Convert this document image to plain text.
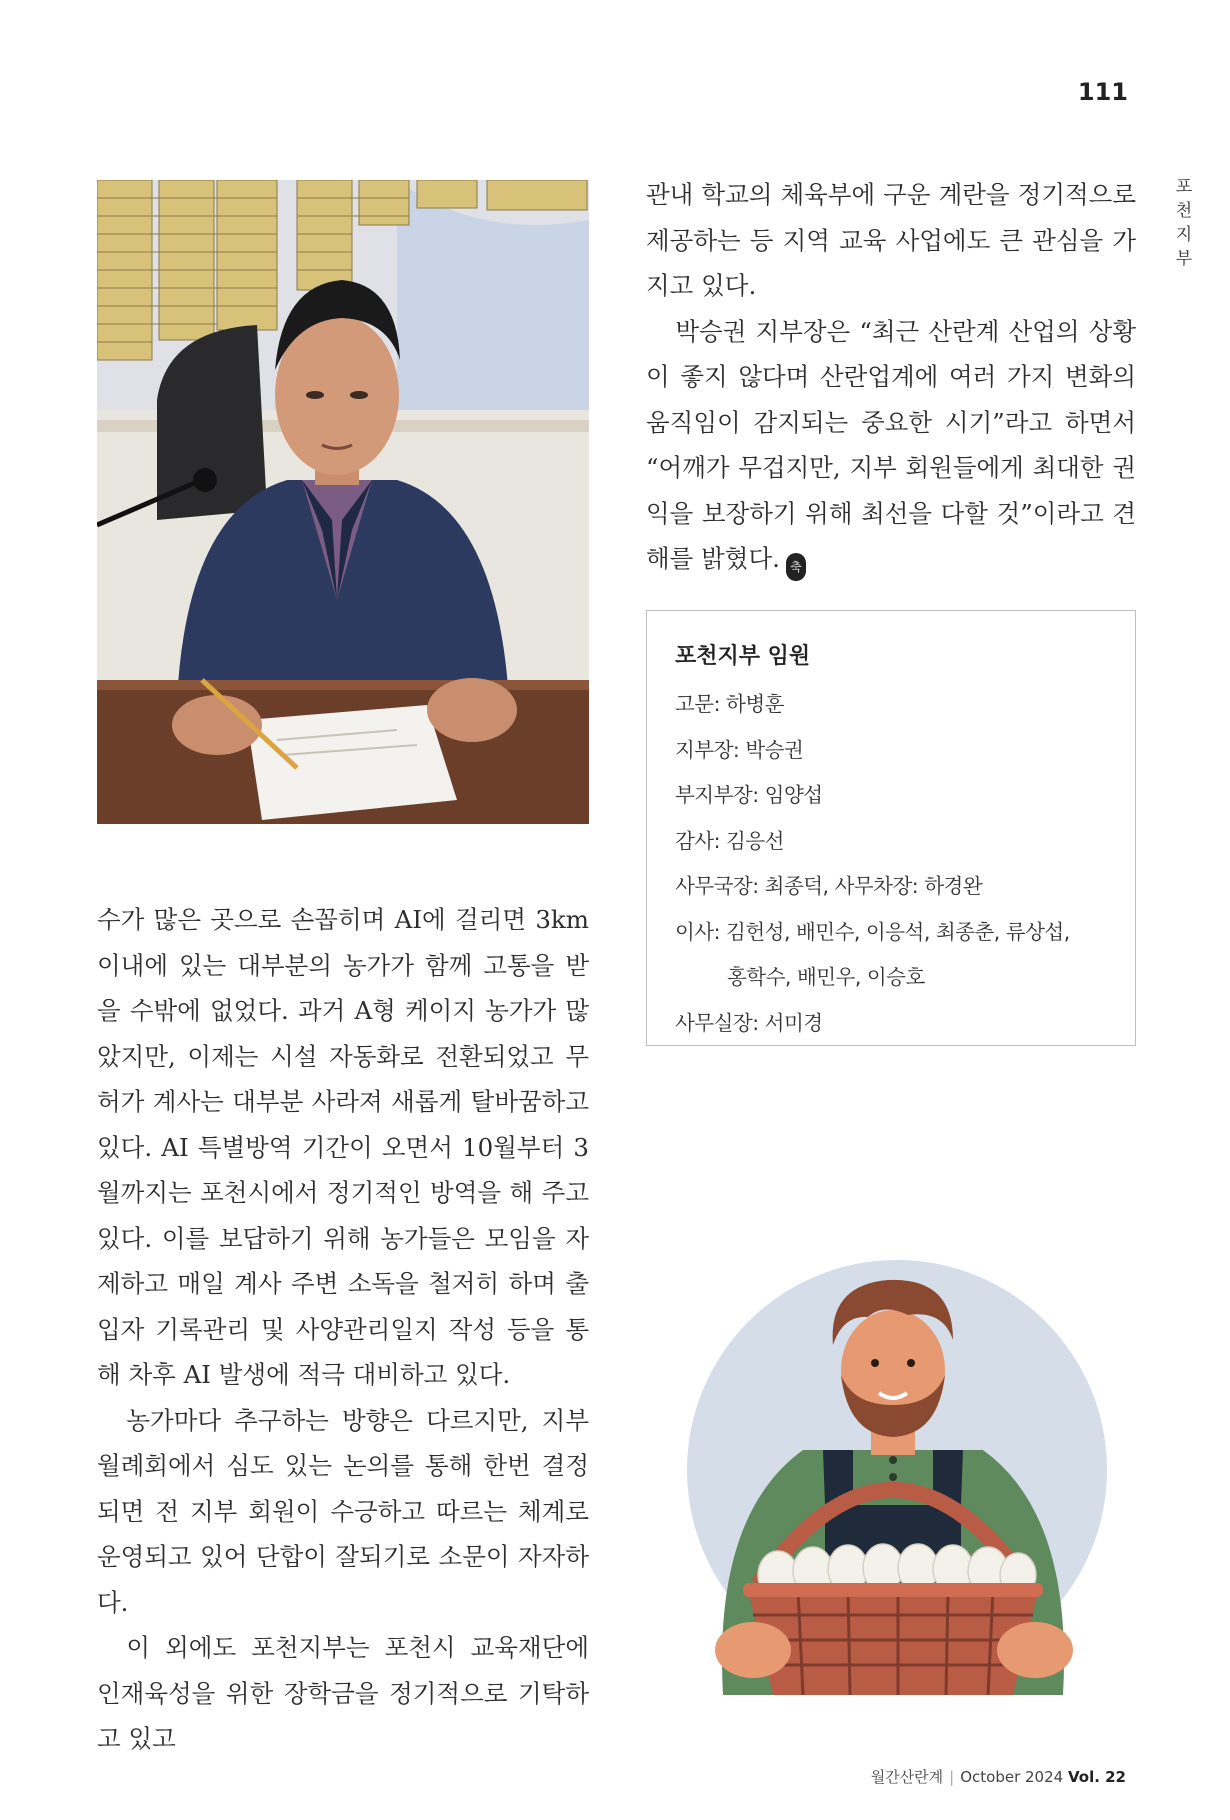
111
포천지부

관내 학교의 체육부에 구운 계란을 정기적으로 제공하는 등 지역 교육 사업에도 큰 관심을 가지고 있다.

박승권 지부장은 “최근 산란계 산업의 상황이 좋지 않다며 산란업계에 여러 가지 변화의 움직임이 감지되는 중요한 시기”라고 하면서 “어깨가 무겁지만, 지부 회원들에게 최대한 권익을 보장하기 위해 최선을 다할 것”이라고 견해를 밝혔다. 축

포천지부 임원
고문: 하병훈
지부장: 박승권
부지부장: 임양섭
감사: 김응선
사무국장: 최종덕, 사무차장: 하경완
이사: 김헌성, 배민수, 이응석, 최종춘, 류상섭,
홍학수, 배민우, 이승호
사무실장: 서미경

수가 많은 곳으로 손꼽히며 AI에 걸리면 3km 이내에 있는 대부분의 농가가 함께 고통을 받을 수밖에 없었다. 과거 A형 케이지 농가가 많았지만, 이제는 시설 자동화로 전환되었고 무허가 계사는 대부분 사라져 새롭게 탈바꿈하고 있다. AI 특별방역 기간이 오면서 10월부터 3월까지는 포천시에서 정기적인 방역을 해 주고 있다. 이를 보답하기 위해 농가들은 모임을 자제하고 매일 계사 주변 소독을 철저히 하며 출입자 기록관리 및 사양관리일지 작성 등을 통해 차후 AI 발생에 적극 대비하고 있다.

농가마다 추구하는 방향은 다르지만, 지부 월례회에서 심도 있는 논의를 통해 한번 결정되면 전 지부 회원이 수긍하고 따르는 체계로 운영되고 있어 단합이 잘되기로 소문이 자자하다.

이 외에도 포천지부는 포천시 교육재단에 인재육성을 위한 장학금을 정기적으로 기탁하고 있고

월간산란계 | October 2024 Vol. 22
